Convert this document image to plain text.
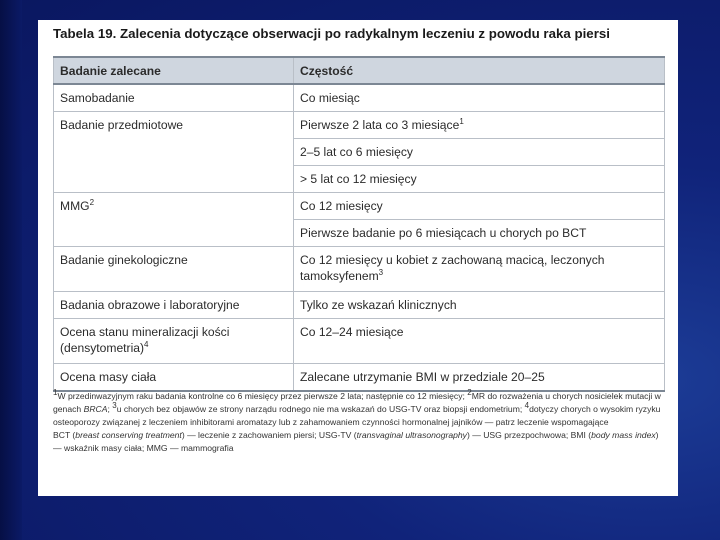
Tabela 19. Zalecenia dotyczące obserwacji po radykalnym leczeniu z powodu raka piersi
Badanie zalecane	Częstość
Samobadanie	Co miesiąc
Badanie przedmiotowe	Pierwsze 2 lata co 3 miesiące$^1$
	2–5 lat co 6 miesięcy
	> 5 lat co 12 miesięcy
MMG$^2$	Co 12 miesięcy
	Pierwsze badanie po 6 miesiącach u chorych po BCT
Badanie ginekologiczne	Co 12 miesięcy u kobiet z zachowaną macicą, leczonych tamoksyfenem$^3$
Badania obrazowe i laboratoryjne	Tylko ze wskazań klinicznych
Ocena stanu mineralizacji kości (densytometria)$^4$	Co 12–24 miesiące
Ocena masy ciała	Zalecane utrzymanie BMI w przedziale 20–25

$^1$W przedinwazyjnym raku badania kontrolne co 6 miesięcy przez pierwsze 2 lata; następnie co 12 miesięcy; $^2$MR do rozważenia u chorych nosicielek mutacji w genach BRCA; $^3$u chorych bez objawów ze strony narządu rodnego nie ma wskazań do USG-TV oraz biopsji endometrium; $^4$dotyczy chorych o wysokim ryzyku osteoporozy związanej z leczeniem inhibitorami aromatazy lub z zahamowaniem czynności hormonalnej jajników — patrz leczenie wspomagające

BCT (breast conserving treatment) — leczenie z zachowaniem piersi; USG-TV (transvaginal ultrasonography) — USG przezpochwowa; BMI (body mass index) — wskaźnik masy ciała; MMG — mammografia
